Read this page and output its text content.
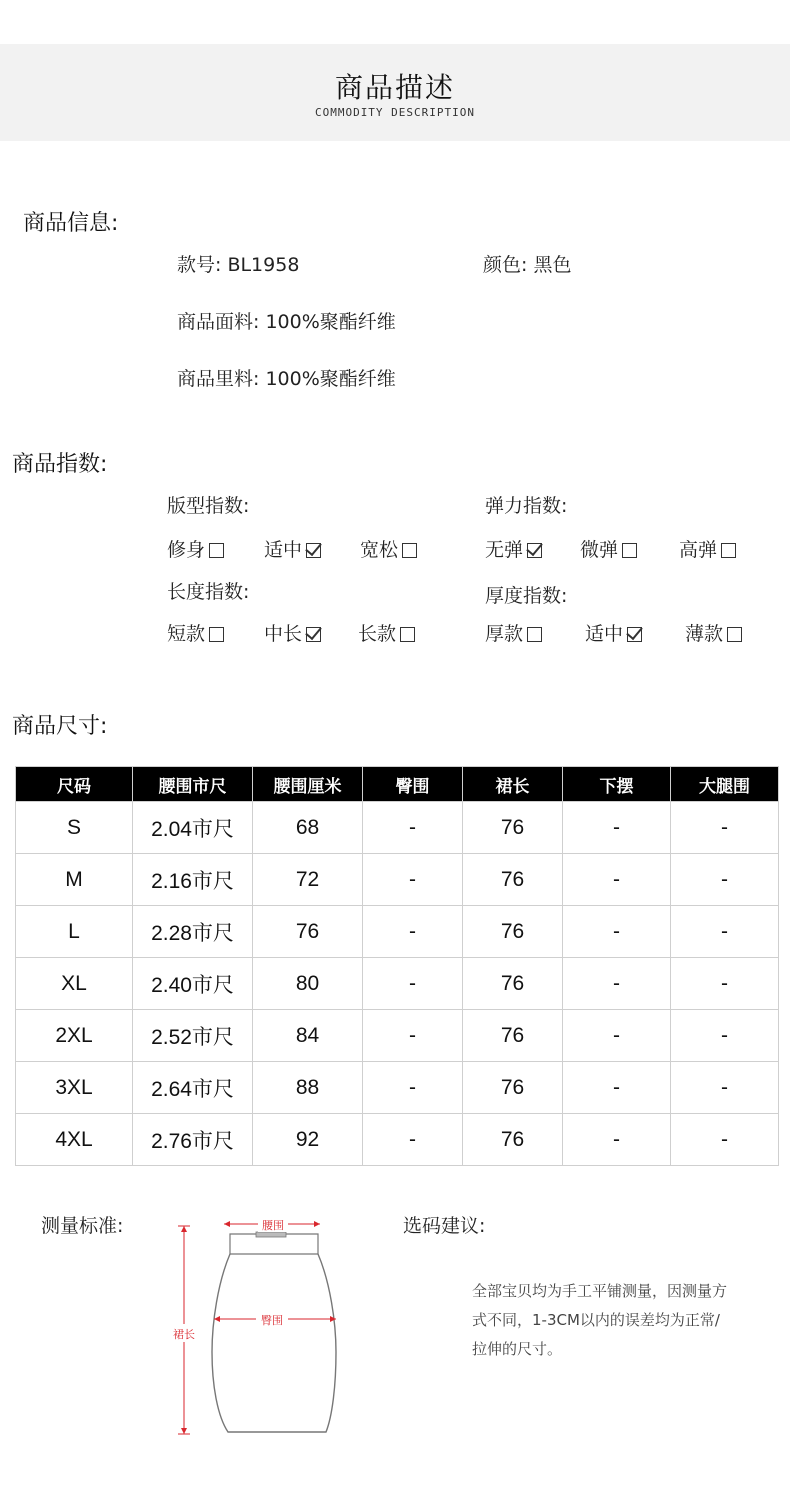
商品描述
COMMODITY DESCRIPTION
商品信息:
款号: BL1958	颜色: 黑色
商品面料: 100%聚酯纤维
商品里料: 100%聚酯纤维
商品指数:
版型指数:	弹力指数:
修身	适中	宽松	无弹	微弹	高弹
长度指数:	厚度指数:
短款	中长	长款	厚款	适中	薄款
商品尺寸:
尺码	腰围市尺	腰围厘米	臀围	裙长	下摆	大腿围
S	2.04市尺	68	-	76	-	-
M	2.16市尺	72	-	76	-	-
L	2.28市尺	76	-	76	-	-
XL	2.40市尺	80	-	76	-	-
2XL	2.52市尺	84	-	76	-	-
3XL	2.64市尺	88	-	76	-	-
4XL	2.76市尺	92	-	76	-	-
测量标准:	腰围
臀围
裙长
选码建议:
全部宝贝均为手工平铺测量，因测量方
式不同，1-3CM以内的误差均为正常/
拉伸的尺寸。
